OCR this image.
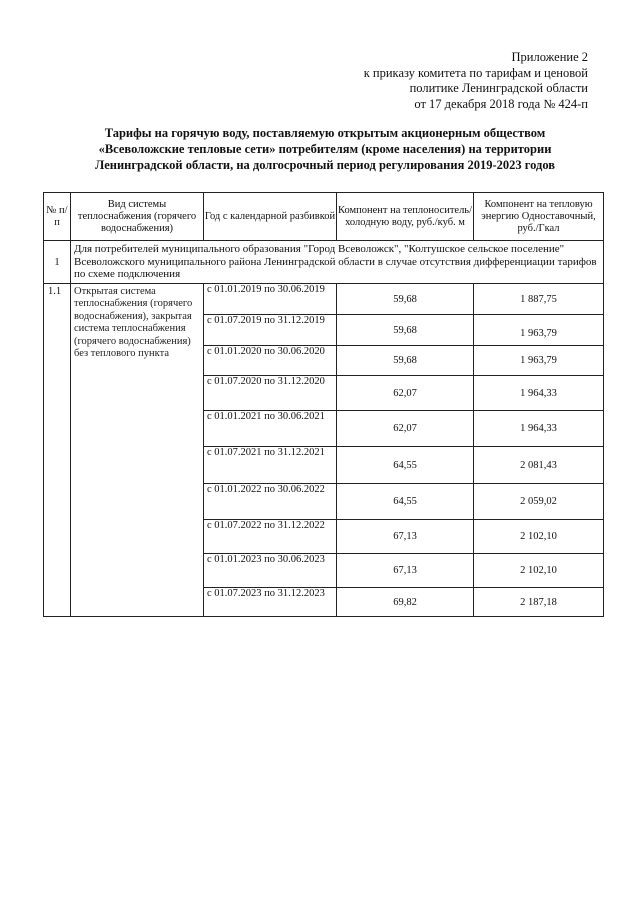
Приложение 2
к приказу комитета по тарифам и ценовой
политике Ленинградской области
от 17 декабря 2018 года № 424-п
Тарифы на горячую воду, поставляемую открытым акционерным обществом
«Всеволожские тепловые сети» потребителям (кроме населения) на территории
Ленинградской области, на долгосрочный период регулирования 2019-2023 годов
№ п/п	Вид системы теплоснабжения (горячего водоснабжения)	Год с календарной разбивкой	Компонент на теплоноситель/холодную воду, руб./куб. м	Компонент на тепловую энергию Одноставочный, руб./Гкал
1	Для потребителей муниципального образования "Город Всеволожск", "Колтушское сельское поселение" Всеволожского муниципального района Ленинградской области в случае отсутствия дифференциации тарифов по схеме подключения			
1.1	Открытая система теплоснабжения (горячего водоснабжения), закрытая система теплоснабжения (горячего водоснабжения) без теплового пункта	с 01.01.2019 по 30.06.2019	59,68	1 887,75
		с 01.07.2019 по 31.12.2019	59,68	1 963,79
		с 01.01.2020 по 30.06.2020	59,68	1 963,79
		с 01.07.2020 по 31.12.2020	62,07	1 964,33
		с 01.01.2021 по 30.06.2021	62,07	1 964,33
		с 01.07.2021 по 31.12.2021	64,55	2 081,43
		с 01.01.2022 по 30.06.2022	64,55	2 059,02
		с 01.07.2022 по 31.12.2022	67,13	2 102,10
		с 01.01.2023 по 30.06.2023	67,13	2 102,10
		с 01.07.2023 по 31.12.2023	69,82	2 187,18
